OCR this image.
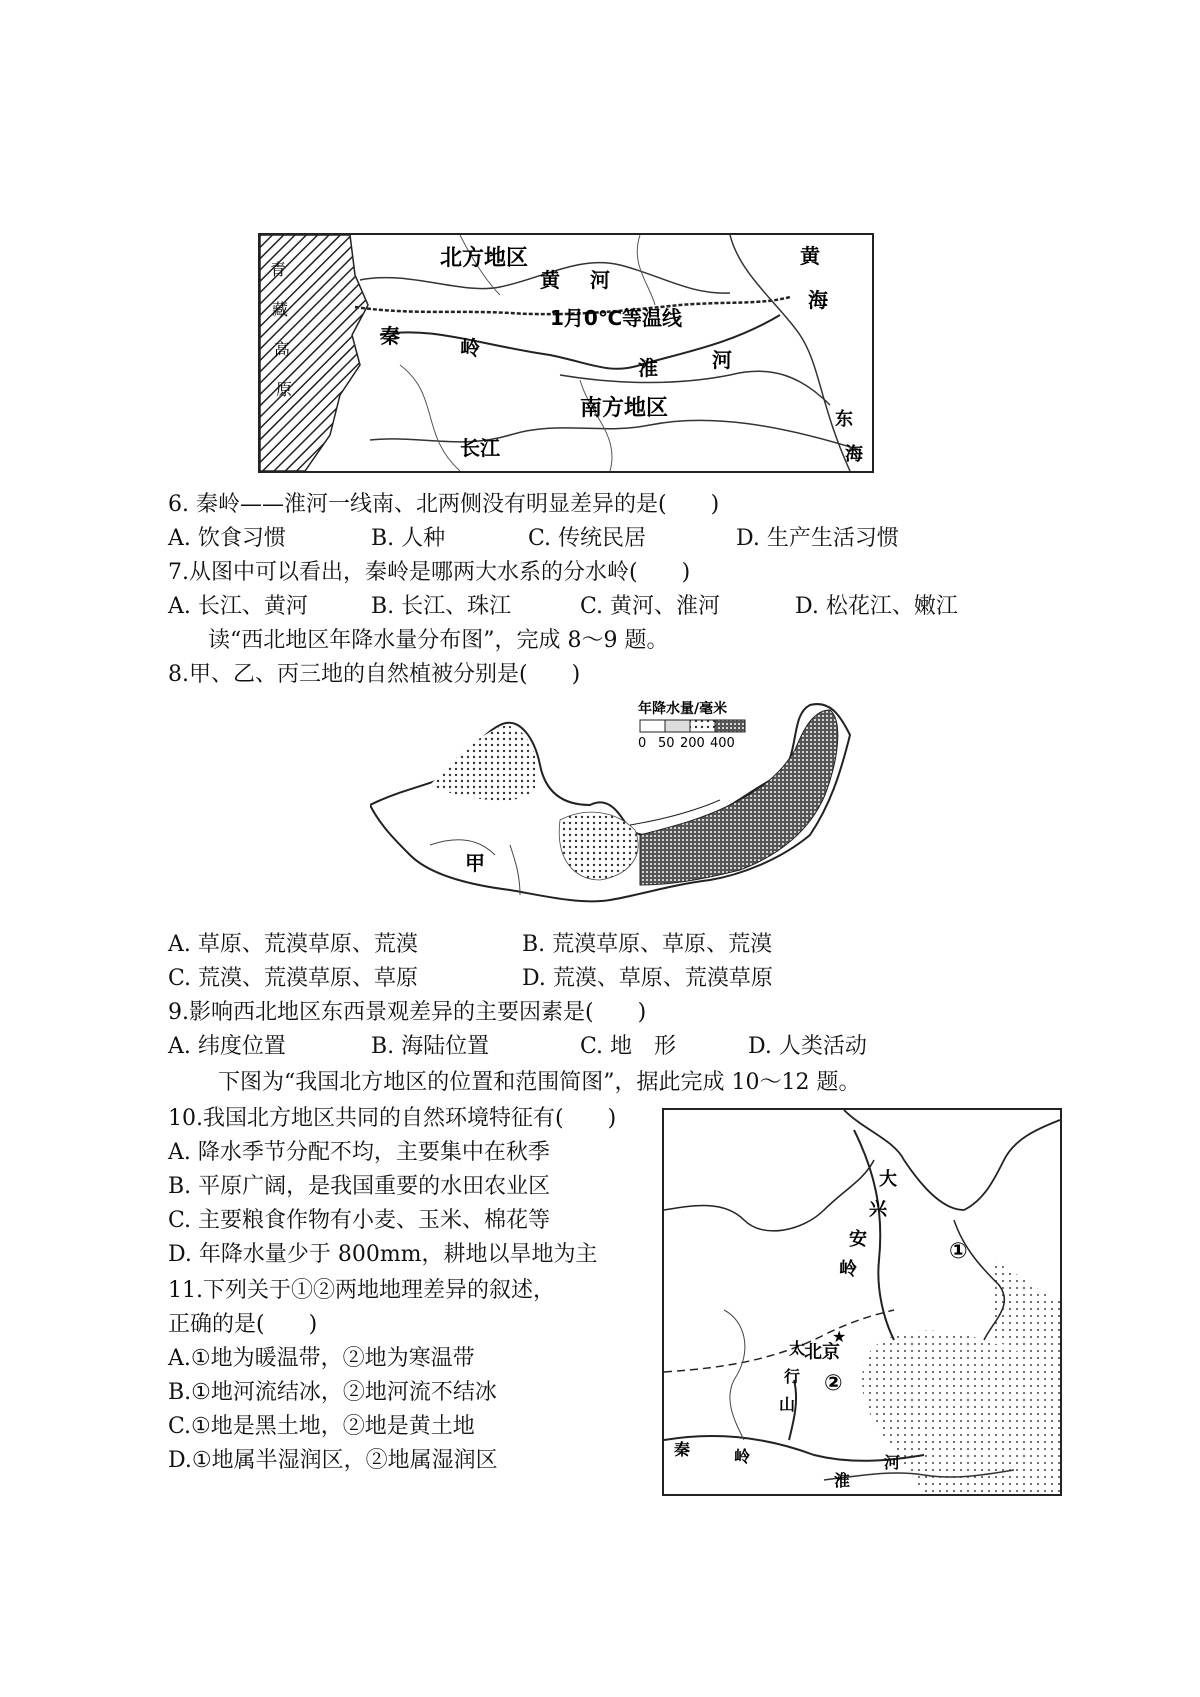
北方地区
黄 河
1月0℃等温线
秦	岭
淮	河
南方地区
长江
黄
海
东
海
青
藏
高
原
6. 秦岭——淮河一线南、北两侧没有明显差异的是(　　)
A. 饮食习惯	B. 人种	C. 传统民居	D. 生产生活习惯
7.从图中可以看出，秦岭是哪两大水系的分水岭(　　)
A. 长江、黄河	B. 长江、珠江	C. 黄河、淮河	D. 松花江、嫩江
读“西北地区年降水量分布图”，完成 8～9 题。
8.甲、乙、丙三地的自然植被分别是(　　)
年降水量/毫米
0 50 200 400
甲
A. 草原、荒漠草原、荒漠	B. 荒漠草原、草原、荒漠
C. 荒漠、荒漠草原、草原	D. 荒漠、草原、荒漠草原
9.影响西北地区东西景观差异的主要因素是(　　)
A. 纬度位置	B. 海陆位置	C. 地　形	D. 人类活动
下图为“我国北方地区的位置和范围简图”，据此完成 10～12 题。
10.我国北方地区共同的自然环境特征有(　　)
A. 降水季节分配不均，主要集中在秋季
B. 平原广阔，是我国重要的水田农业区
C. 主要粮食作物有小麦、玉米、棉花等
D. 年降水量少于 800mm，耕地以旱地为主
11.下列关于①②两地地理差异的叙述，
正确的是(　　)
A.①地为暖温带，②地为寒温带
B.①地河流结冰，②地河流不结冰
C.①地是黑土地，②地是黄土地
D.①地属半湿润区，②地属湿润区
大
兴
安
岭
①
北京
★
太
行
山
②
秦	岭
淮
河
